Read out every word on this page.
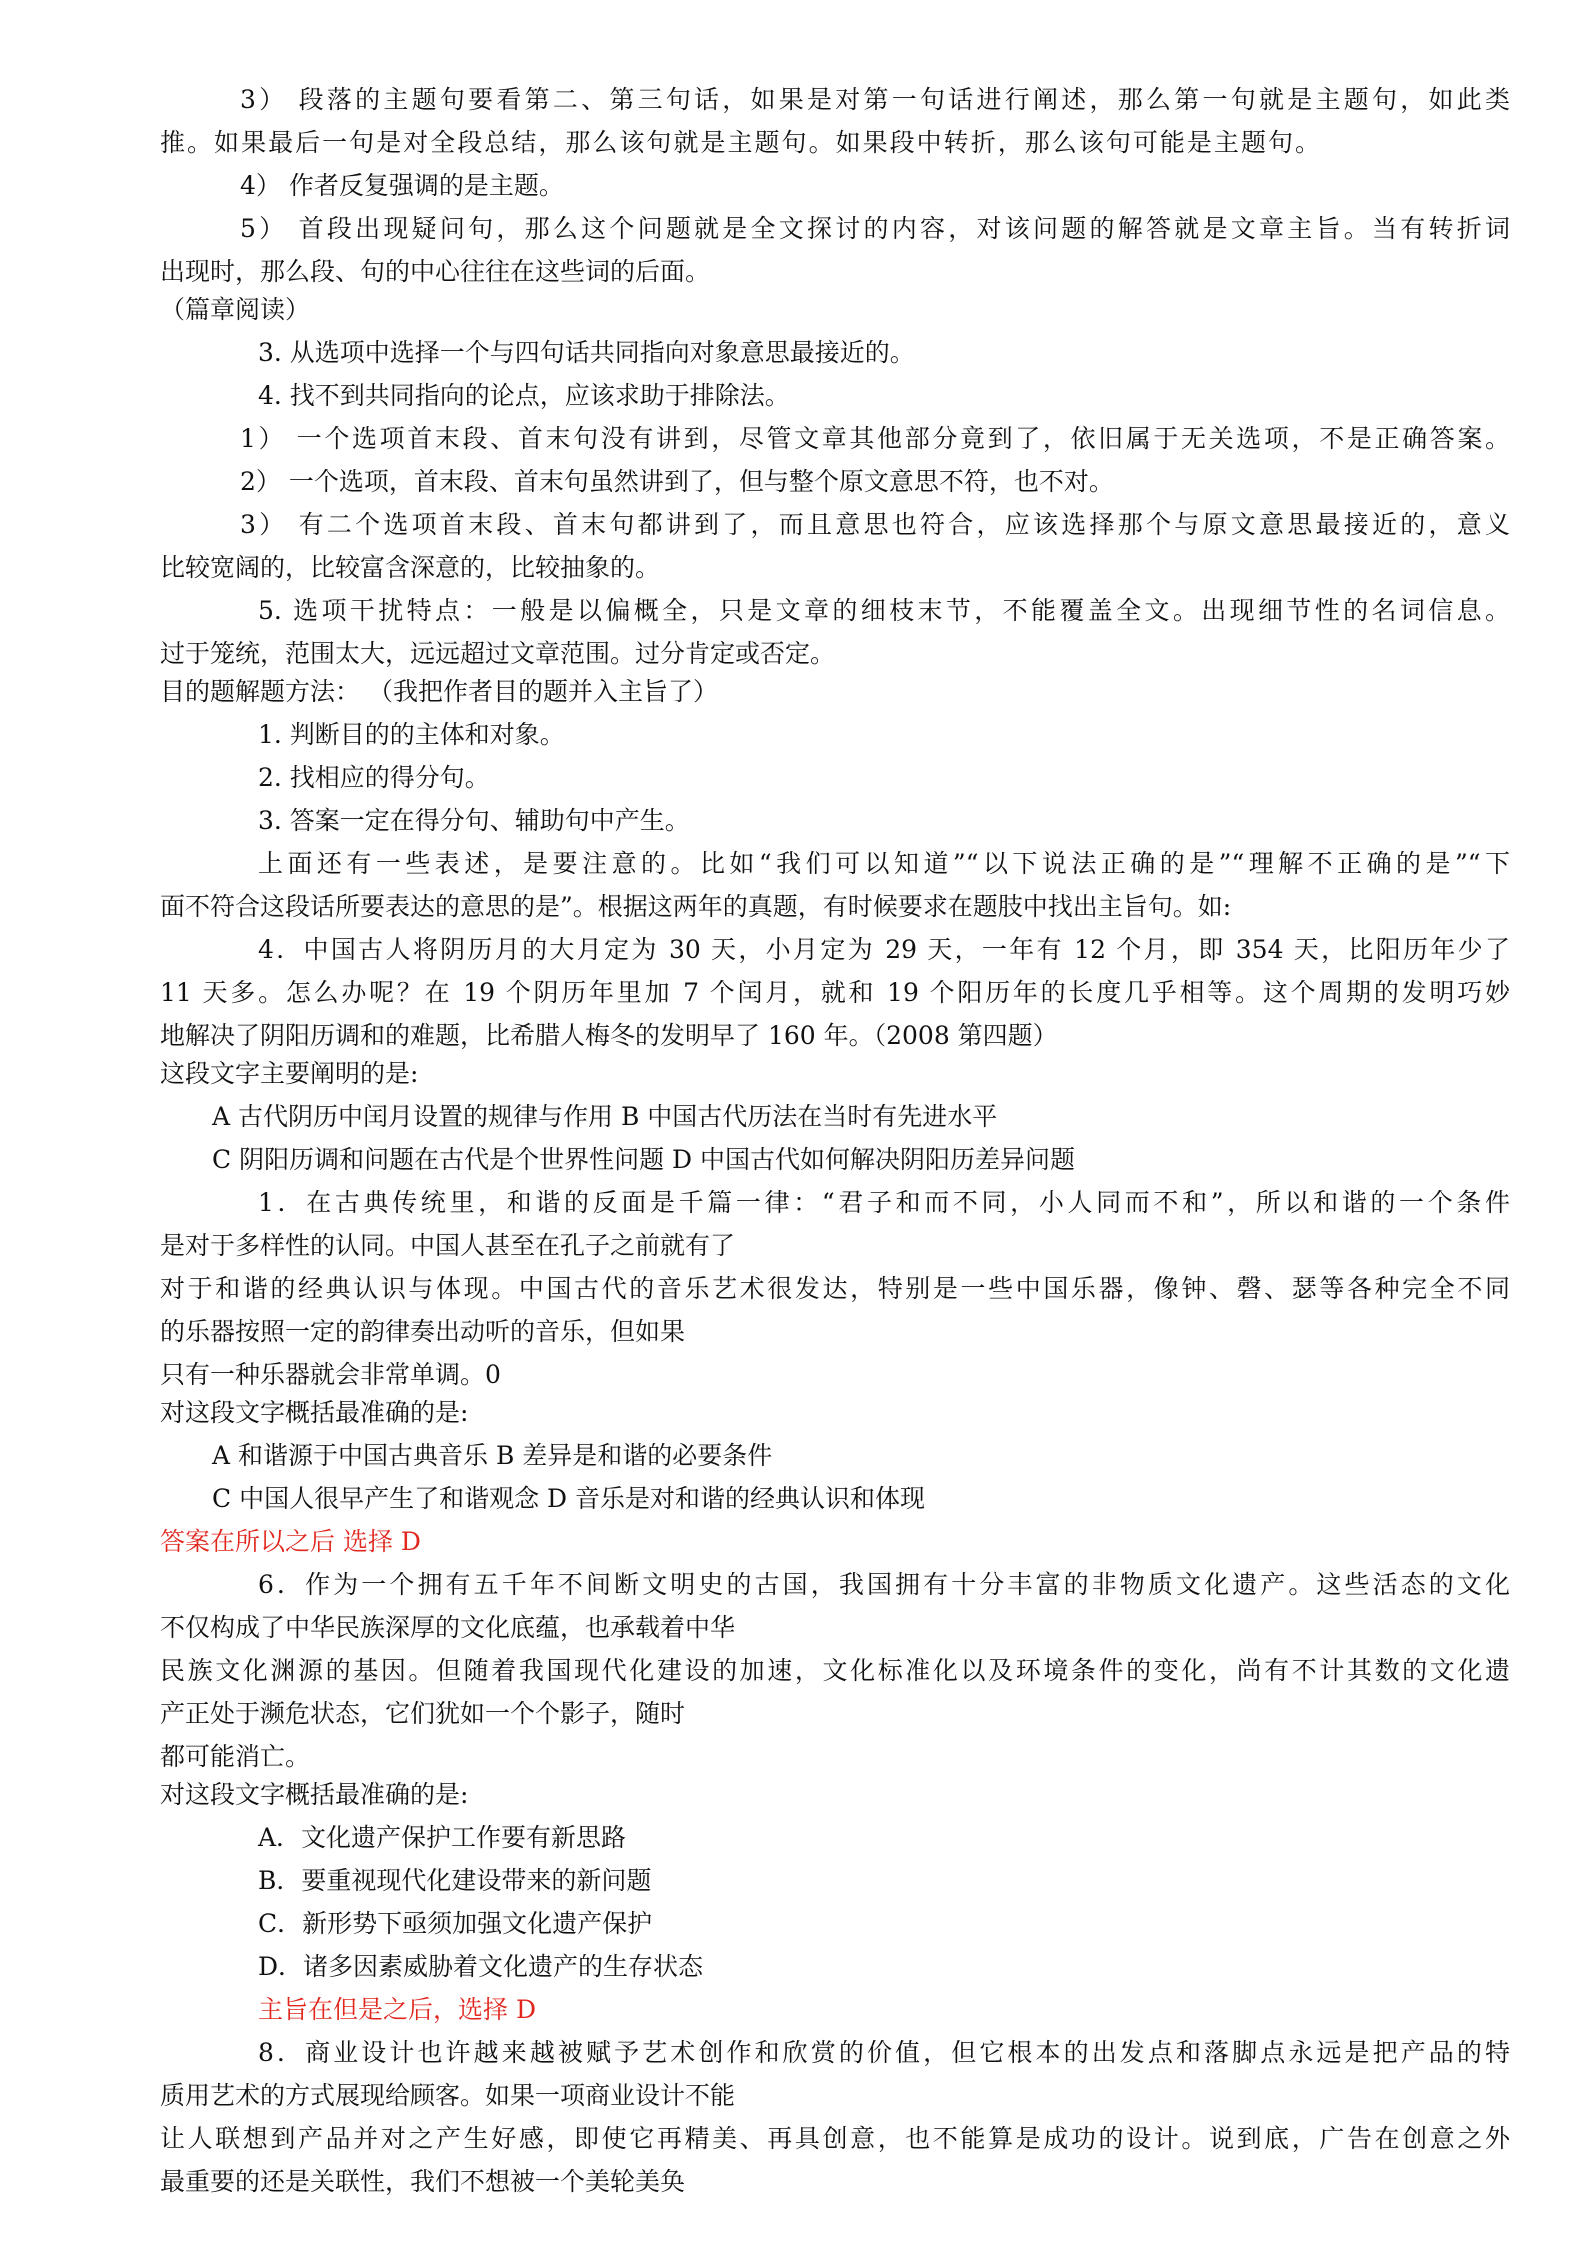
3） 段落的主题句要看第二、第三句话，如果是对第一句话进行阐述，那么第一句就是主题句，如此类
推。如果最后一句是对全段总结，那么该句就是主题句。如果段中转折，那么该句可能是主题句。
4） 作者反复强调的是主题。
5） 首段出现疑问句，那么这个问题就是全文探讨的内容，对该问题的解答就是文章主旨。当有转折词
出现时，那么段、句的中心往往在这些词的后面。
（篇章阅读）
3. 从选项中选择一个与四句话共同指向对象意思最接近的。
4. 找不到共同指向的论点，应该求助于排除法。
1） 一个选项首末段、首末句没有讲到，尽管文章其他部分竟到了，依旧属于无关选项，不是正确答案。
2） 一个选项，首末段、首末句虽然讲到了，但与整个原文意思不符，也不对。
3） 有二个选项首末段、首末句都讲到了，而且意思也符合，应该选择那个与原文意思最接近的，意义
比较宽阔的，比较富含深意的，比较抽象的。
5. 选项干扰特点：一般是以偏概全，只是文章的细枝末节，不能覆盖全文。出现细节性的名词信息。
过于笼统，范围太大，远远超过文章范围。过分肯定或否定。
目的题解题方法： （我把作者目的题并入主旨了）
1. 判断目的的主体和对象。
2. 找相应的得分句。
3. 答案一定在得分句、辅助句中产生。
上面还有一些表述，是要注意的。比如“我们可以知道”“以下说法正确的是”“理解不正确的是”“下
面不符合这段话所要表达的意思的是”。根据这两年的真题，有时候要求在题肢中找出主旨句。如:
4．中国古人将阴历月的大月定为 30 天，小月定为 29 天，一年有 12 个月，即 354 天，比阳历年少了
11 天多。怎么办呢？在 19 个阴历年里加 7 个闰月，就和 19 个阳历年的长度几乎相等。这个周期的发明巧妙
地解决了阴阳历调和的难题，比希腊人梅冬的发明早了 160 年。（2008 第四题）
这段文字主要阐明的是:
A 古代阴历中闰月设置的规律与作用 B 中国古代历法在当时有先进水平
C 阴阳历调和问题在古代是个世界性问题 D 中国古代如何解决阴阳历差异问题
1．在古典传统里，和谐的反面是千篇一律：“君子和而不同，小人同而不和”，所以和谐的一个条件
是对于多样性的认同。中国人甚至在孔子之前就有了
对于和谐的经典认识与体现。中国古代的音乐艺术很发达，特别是一些中国乐器，像钟、磬、瑟等各种完全不同
的乐器按照一定的韵律奏出动听的音乐，但如果
只有一种乐器就会非常单调。0
对这段文字概括最准确的是:
A 和谐源于中国古典音乐 B 差异是和谐的必要条件
C 中国人很早产生了和谐观念 D 音乐是对和谐的经典认识和体现
答案在所以之后 选择 D
6．作为一个拥有五千年不间断文明史的古国，我国拥有十分丰富的非物质文化遗产。这些活态的文化
不仅构成了中华民族深厚的文化底蕴，也承载着中华
民族文化渊源的基因。但随着我国现代化建设的加速，文化标准化以及环境条件的变化，尚有不计其数的文化遗
产正处于濒危状态，它们犹如一个个影子，随时
都可能消亡。
对这段文字概括最准确的是:
A．文化遗产保护工作要有新思路
B．要重视现代化建设带来的新问题
C．新形势下亟须加强文化遗产保护
D．诸多因素威胁着文化遗产的生存状态
主旨在但是之后，选择 D
8．商业设计也许越来越被赋予艺术创作和欣赏的价值，但它根本的出发点和落脚点永远是把产品的特
质用艺术的方式展现给顾客。如果一项商业设计不能
让人联想到产品并对之产生好感，即使它再精美、再具创意，也不能算是成功的设计。说到底，广告在创意之外
最重要的还是关联性，我们不想被一个美轮美奂
